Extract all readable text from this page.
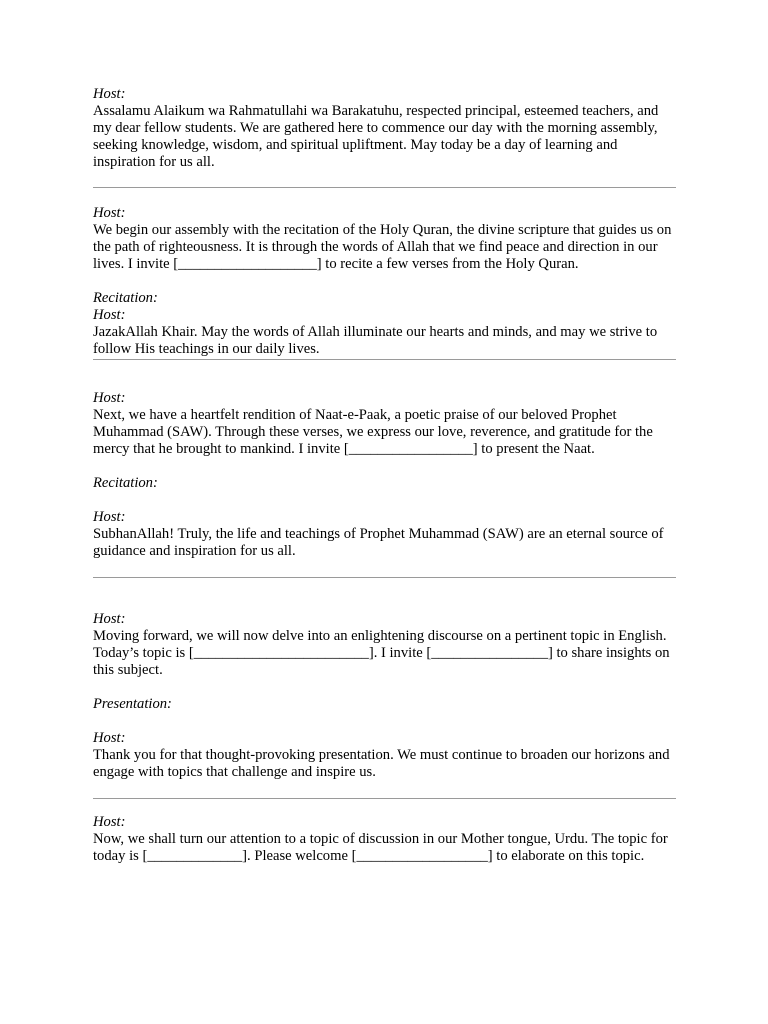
Host:
Assalamu Alaikum wa Rahmatullahi wa Barakatuhu, respected principal, esteemed teachers, and my dear fellow students. We are gathered here to commence our day with the morning assembly, seeking knowledge, wisdom, and spiritual upliftment. May today be a day of learning and inspiration for us all.
Host:
We begin our assembly with the recitation of the Holy Quran, the divine scripture that guides us on the path of righteousness. It is through the words of Allah that we find peace and direction in our lives. I invite [___________________] to recite a few verses from the Holy Quran.
Recitation:
Host:
JazakAllah Khair. May the words of Allah illuminate our hearts and minds, and may we strive to follow His teachings in our daily lives.
Host:
Next, we have a heartfelt rendition of Naat-e-Paak, a poetic praise of our beloved Prophet Muhammad (SAW). Through these verses, we express our love, reverence, and gratitude for the mercy that he brought to mankind. I invite [_________________] to present the Naat.
Recitation:
Host:
SubhanAllah! Truly, the life and teachings of Prophet Muhammad (SAW) are an eternal source of guidance and inspiration for us all.
Host:
Moving forward, we will now delve into an enlightening discourse on a pertinent topic in English. Today’s topic is [________________________]. I invite [________________] to share insights on this subject.
Presentation:
Host:
Thank you for that thought-provoking presentation. We must continue to broaden our horizons and engage with topics that challenge and inspire us.
Host:
Now, we shall turn our attention to a topic of discussion in our Mother tongue, Urdu. The topic for today is [_____________]. Please welcome [__________________] to elaborate on this topic.
